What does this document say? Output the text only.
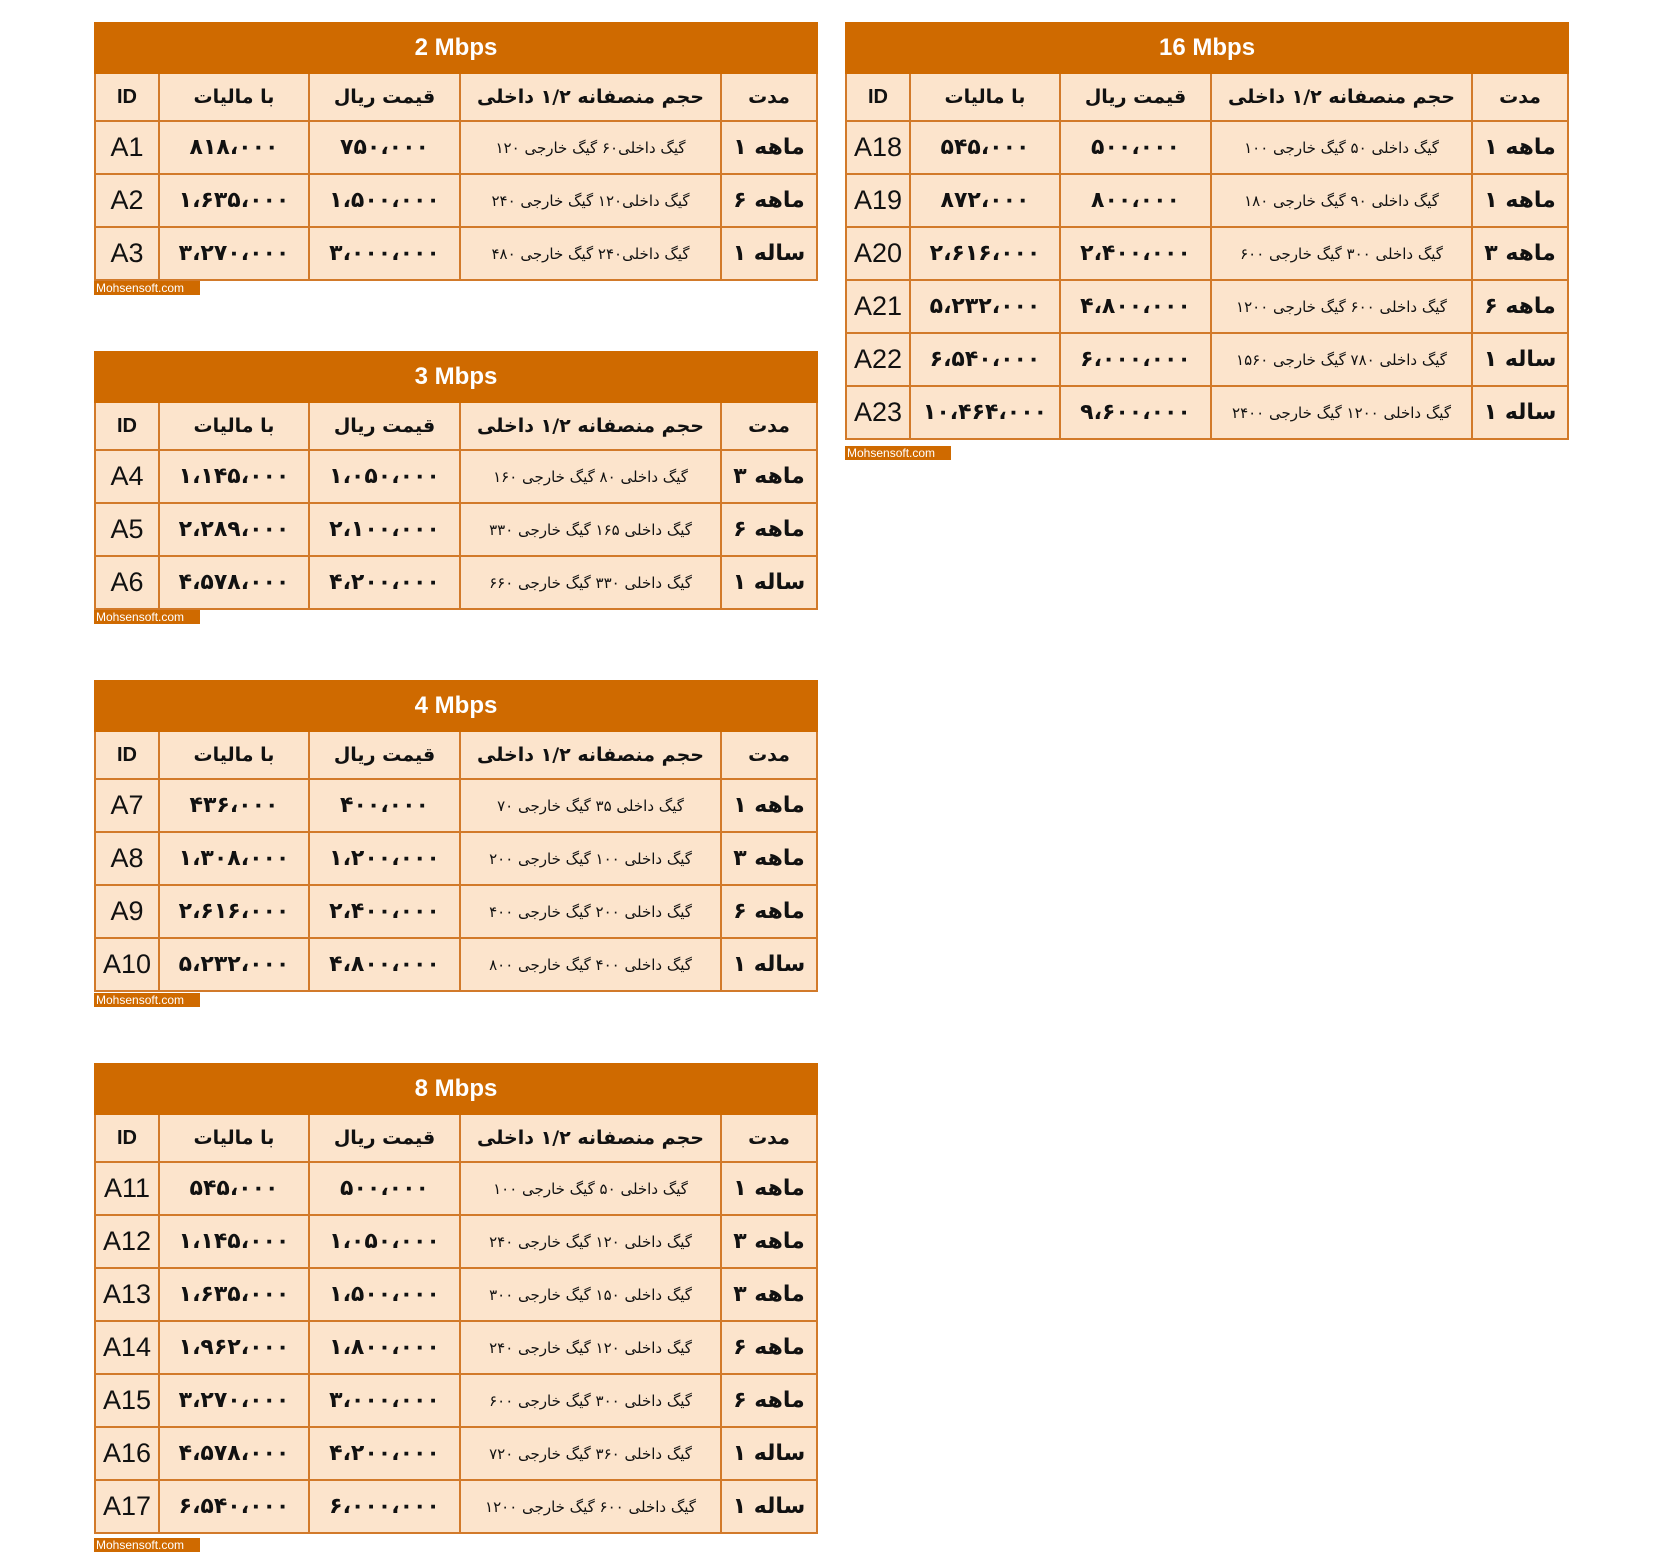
2 Mbps				
ID	با مالیات	قیمت ریال	حجم منصفانه ۱/۲ داخلی	مدت
A1	۸۱۸،۰۰۰	۷۵۰،۰۰۰	۱۲۰ گیگ داخلی۶۰ گیگ خارجی	۱ ماهه
A2	۱،۶۳۵،۰۰۰	۱،۵۰۰،۰۰۰	۲۴۰ گیگ داخلی۱۲۰ گیگ خارجی	۶ ماهه
A3	۳،۲۷۰،۰۰۰	۳،۰۰۰،۰۰۰	۴۸۰ گیگ داخلی۲۴۰ گیگ خارجی	۱ ساله
Mohsensoft.com
3 Mbps				
ID	با مالیات	قیمت ریال	حجم منصفانه ۱/۲ داخلی	مدت
A4	۱،۱۴۵،۰۰۰	۱،۰۵۰،۰۰۰	۱۶۰ گیگ داخلی ۸۰ گیگ خارجی	۳ ماهه
A5	۲،۲۸۹،۰۰۰	۲،۱۰۰،۰۰۰	۳۳۰ گیگ داخلی ۱۶۵ گیگ خارجی	۶ ماهه
A6	۴،۵۷۸،۰۰۰	۴،۲۰۰،۰۰۰	۶۶۰ گیگ داخلی ۳۳۰ گیگ خارجی	۱ ساله
Mohsensoft.com
4 Mbps				
ID	با مالیات	قیمت ریال	حجم منصفانه ۱/۲ داخلی	مدت
A7	۴۳۶،۰۰۰	۴۰۰،۰۰۰	۷۰ گیگ داخلی ۳۵ گیگ خارجی	۱ ماهه
A8	۱،۳۰۸،۰۰۰	۱،۲۰۰،۰۰۰	۲۰۰ گیگ داخلی ۱۰۰ گیگ خارجی	۳ ماهه
A9	۲،۶۱۶،۰۰۰	۲،۴۰۰،۰۰۰	۴۰۰ گیگ داخلی ۲۰۰ گیگ خارجی	۶ ماهه
A10	۵،۲۳۲،۰۰۰	۴،۸۰۰،۰۰۰	۸۰۰ گیگ داخلی ۴۰۰ گیگ خارجی	۱ ساله
Mohsensoft.com
8 Mbps				
ID	با مالیات	قیمت ریال	حجم منصفانه ۱/۲ داخلی	مدت
A11	۵۴۵،۰۰۰	۵۰۰،۰۰۰	۱۰۰ گیگ داخلی ۵۰ گیگ خارجی	۱ ماهه
A12	۱،۱۴۵،۰۰۰	۱،۰۵۰،۰۰۰	۲۴۰ گیگ داخلی ۱۲۰ گیگ خارجی	۳ ماهه
A13	۱،۶۳۵،۰۰۰	۱،۵۰۰،۰۰۰	۳۰۰ گیگ داخلی ۱۵۰ گیگ خارجی	۳ ماهه
A14	۱،۹۶۲،۰۰۰	۱،۸۰۰،۰۰۰	۲۴۰ گیگ داخلی ۱۲۰ گیگ خارجی	۶ ماهه
A15	۳،۲۷۰،۰۰۰	۳،۰۰۰،۰۰۰	۶۰۰ گیگ داخلی ۳۰۰ گیگ خارجی	۶ ماهه
A16	۴،۵۷۸،۰۰۰	۴،۲۰۰،۰۰۰	۷۲۰ گیگ داخلی ۳۶۰ گیگ خارجی	۱ ساله
A17	۶،۵۴۰،۰۰۰	۶،۰۰۰،۰۰۰	۱۲۰۰ گیگ داخلی ۶۰۰ گیگ خارجی	۱ ساله
Mohsensoft.com
16 Mbps				
ID	با مالیات	قیمت ریال	حجم منصفانه ۱/۲ داخلی	مدت
A18	۵۴۵،۰۰۰	۵۰۰،۰۰۰	۱۰۰ گیگ داخلی ۵۰ گیگ خارجی	۱ ماهه
A19	۸۷۲،۰۰۰	۸۰۰،۰۰۰	۱۸۰ گیگ داخلی ۹۰ گیگ خارجی	۱ ماهه
A20	۲،۶۱۶،۰۰۰	۲،۴۰۰،۰۰۰	۶۰۰ گیگ داخلی ۳۰۰ گیگ خارجی	۳ ماهه
A21	۵،۲۳۲،۰۰۰	۴،۸۰۰،۰۰۰	۱۲۰۰ گیگ داخلی ۶۰۰ گیگ خارجی	۶ ماهه
A22	۶،۵۴۰،۰۰۰	۶،۰۰۰،۰۰۰	۱۵۶۰ گیگ داخلی ۷۸۰ گیگ خارجی	۱ ساله
A23	۱۰،۴۶۴،۰۰۰	۹،۶۰۰،۰۰۰	۲۴۰۰ گیگ داخلی ۱۲۰۰ گیگ خارجی	۱ ساله
Mohsensoft.com
